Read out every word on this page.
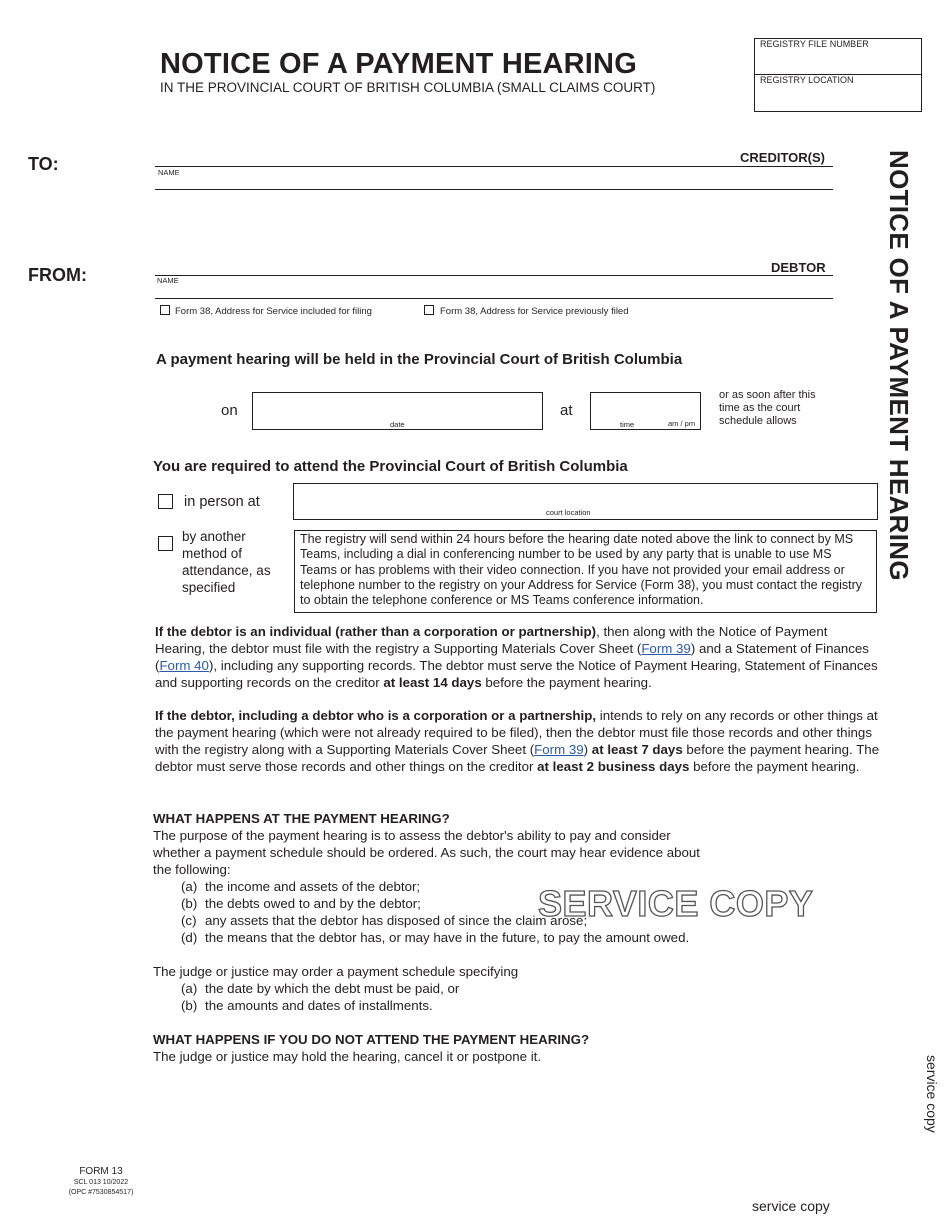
NOTICE OF A PAYMENT HEARING
IN THE PROVINCIAL COURT OF BRITISH COLUMBIA (SMALL CLAIMS COURT)
REGISTRY FILE NUMBER
REGISTRY LOCATION
NOTICE OF A PAYMENT HEARING
service copy
TO:	CREDITOR(S)
NAME
FROM:	DEBTOR
NAME
Form 38, Address for Service included for filing	Form 38, Address for Service previously filed
A payment hearing will be held in the Provincial Court of British Columbia
on
date
at
time	am / pm
or as soon after this time as the court schedule allows
You are required to attend the Provincial Court of British Columbia
in person at
court location
by another method of attendance, as specified
The registry will send within 24 hours before the hearing date noted above the link to connect by MS Teams, including a dial in conferencing number to be used by any party that is unable to use MS Teams or has problems with their video connection. If you have not provided your email address or telephone number to the registry on your Address for Service (Form 38), you must contact the registry to obtain the telephone conference or MS Teams conference information.
If the debtor is an individual (rather than a corporation or partnership), then along with the Notice of Payment Hearing, the debtor must file with the registry a Supporting Materials Cover Sheet (Form 39) and a Statement of Finances (Form 40), including any supporting records. The debtor must serve the Notice of Payment Hearing, Statement of Finances and supporting records on the creditor at least 14 days before the payment hearing.
If the debtor, including a debtor who is a corporation or a partnership, intends to rely on any records or other things at the payment hearing (which were not already required to be filed), then the debtor must file those records and other things with the registry along with a Supporting Materials Cover Sheet (Form 39) at least 7 days before the payment hearing. The debtor must serve those records and other things on the creditor at least 2 business days before the payment hearing.
WHAT HAPPENS AT THE PAYMENT HEARING?
The purpose of the payment hearing is to assess the debtor's ability to pay and consider whether a payment schedule should be ordered. As such, the court may hear evidence about the following:
(a) the income and assets of the debtor;
(b) the debts owed to and by the debtor;
(c) any assets that the debtor has disposed of since the claim arose;
(d) the means that the debtor has, or may have in the future, to pay the amount owed.
The judge or justice may order a payment schedule specifying
(a) the date by which the debt must be paid, or
(b) the amounts and dates of installments.
WHAT HAPPENS IF YOU DO NOT ATTEND THE PAYMENT HEARING?
The judge or justice may hold the hearing, cancel it or postpone it.
SERVICE COPY
FORM 13
SCL 013 10/2022
(OPC #7530854517)
service copy
